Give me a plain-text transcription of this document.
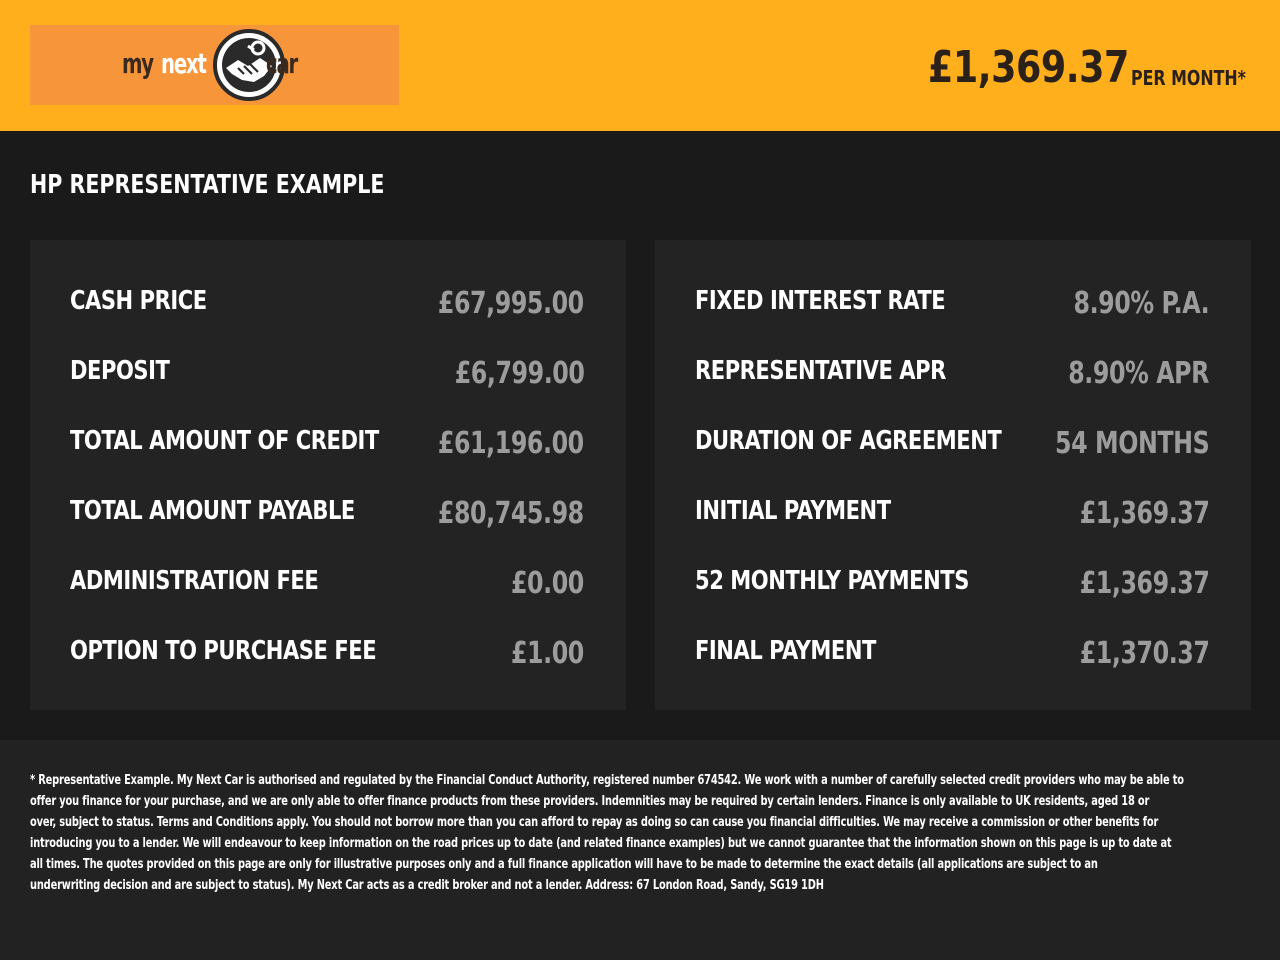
my next car	£1,369.37 PER MONTH*
HP REPRESENTATIVE EXAMPLE
CASH PRICE	£67,995.00
DEPOSIT	£6,799.00
TOTAL AMOUNT OF CREDIT £61,196.00
TOTAL AMOUNT PAYABLE	£80,745.98
ADMINISTRATION FEE	£0.00
OPTION TO PURCHASE FEE	£1.00
FIXED INTEREST RATE	8.90% P.A.
REPRESENTATIVE APR	8.90% APR
DURATION OF AGREEMENT 54 MONTHS
INITIAL PAYMENT	£1,369.37
52 MONTHLY PAYMENTS	£1,369.37
FINAL PAYMENT	£1,370.37
* Representative Example. My Next Car is authorised and regulated by the Financial Conduct Authority, registered number 674542. We work with a number of carefully selected credit providers who may be able to
offer you finance for your purchase, and we are only able to offer finance products from these providers. Indemnities may be required by certain lenders. Finance is only available to UK residents, aged 18 or
over, subject to status. Terms and Conditions apply. You should not borrow more than you can afford to repay as doing so can cause you financial difficulties. We may receive a commission or other benefits for
introducing you to a lender. We will endeavour to keep information on the road prices up to date (and related finance examples) but we cannot guarantee that the information shown on this page is up to date at
all times. The quotes provided on this page are only for illustrative purposes only and a full finance application will have to be made to determine the exact details (all applications are subject to an
underwriting decision and are subject to status). My Next Car acts as a credit broker and not a lender. Address: 67 London Road, Sandy, SG19 1DH
